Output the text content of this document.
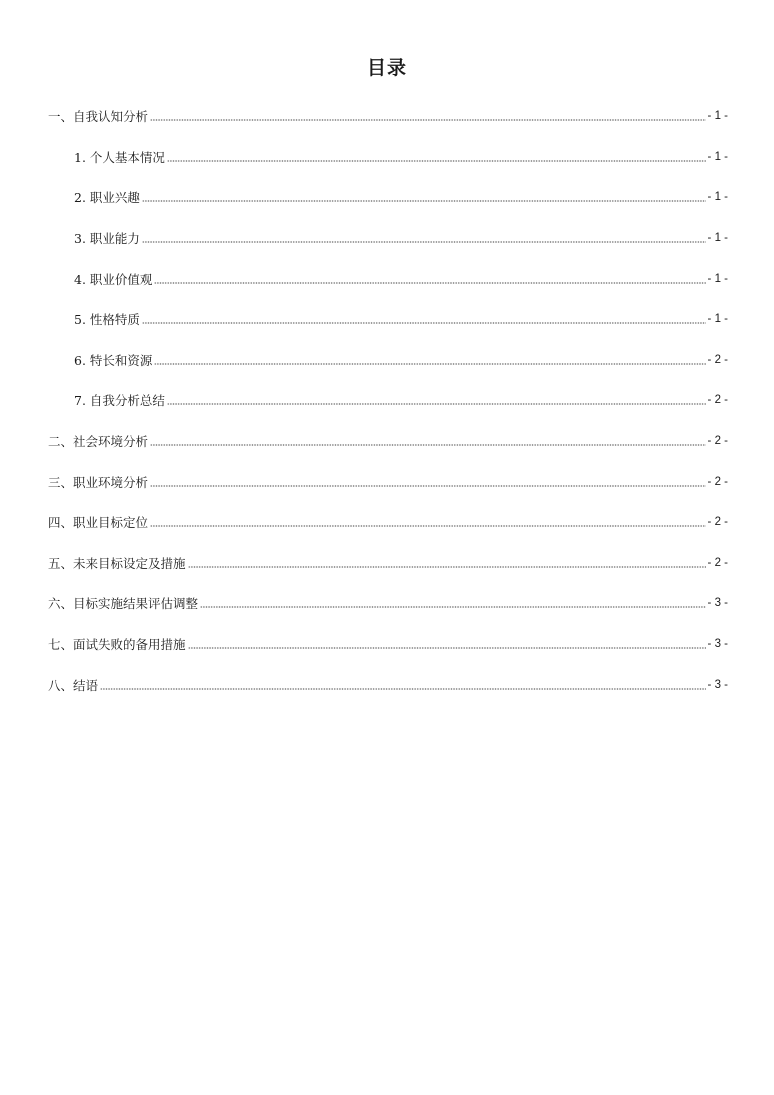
目录
一、自我认知分析	- 1 -
1. 个人基本情况	- 1 -
2. 职业兴趣	- 1 -
3. 职业能力	- 1 -
4. 职业价值观	- 1 -
5. 性格特质	- 1 -
6. 特长和资源	- 2 -
7. 自我分析总结	- 2 -
二、社会环境分析	- 2 -
三、职业环境分析	- 2 -
四、职业目标定位	- 2 -
五、未来目标设定及措施	- 2 -
六、目标实施结果评估调整	- 3 -
七、面试失败的备用措施	- 3 -
八、结语	- 3 -
